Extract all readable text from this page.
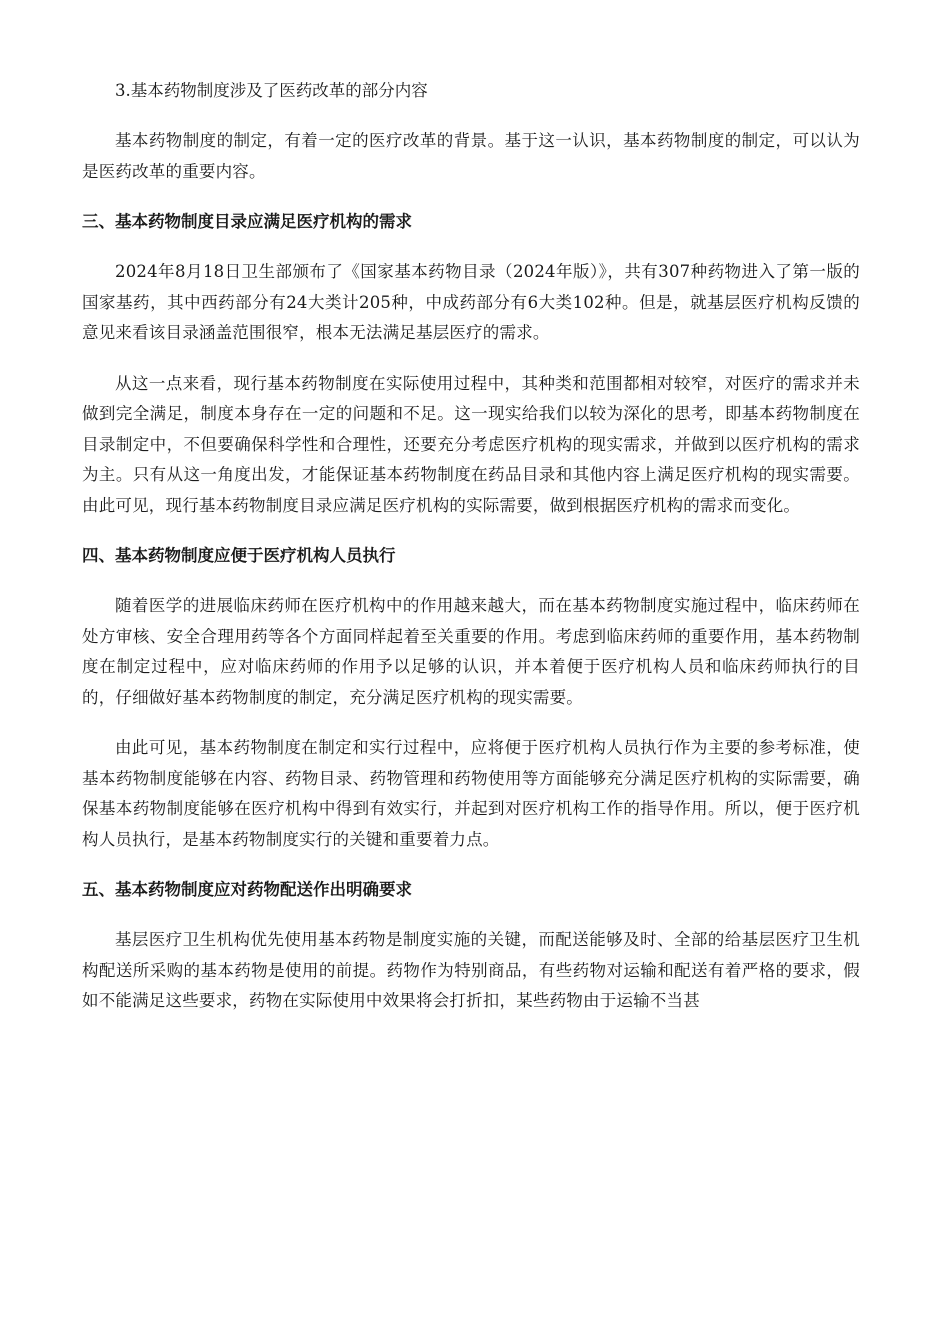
3.基本药物制度涉及了医药改革的部分内容

基本药物制度的制定，有着一定的医疗改革的背景。基于这一认识，基本药物制度的制定，可以认为是医药改革的重要内容。

三、基本药物制度目录应满足医疗机构的需求

2024年8月18日卫生部颁布了《国家基本药物目录（2024年版）》，共有307种药物进入了第一版的国家基药，其中西药部分有24大类计205种，中成药部分有6大类102种。但是，就基层医疗机构反馈的意见来看该目录涵盖范围很窄，根本无法满足基层医疗的需求。

从这一点来看，现行基本药物制度在实际使用过程中，其种类和范围都相对较窄，对医疗的需求并未做到完全满足，制度本身存在一定的问题和不足。这一现实给我们以较为深化的思考，即基本药物制度在目录制定中，不但要确保科学性和合理性，还要充分考虑医疗机构的现实需求，并做到以医疗机构的需求为主。只有从这一角度出发，才能保证基本药物制度在药品目录和其他内容上满足医疗机构的现实需要。由此可见，现行基本药物制度目录应满足医疗机构的实际需要，做到根据医疗机构的需求而变化。

四、基本药物制度应便于医疗机构人员执行

随着医学的进展临床药师在医疗机构中的作用越来越大，而在基本药物制度实施过程中，临床药师在处方审核、安全合理用药等各个方面同样起着至关重要的作用。考虑到临床药师的重要作用，基本药物制度在制定过程中，应对临床药师的作用予以足够的认识，并本着便于医疗机构人员和临床药师执行的目的，仔细做好基本药物制度的制定，充分满足医疗机构的现实需要。

由此可见，基本药物制度在制定和实行过程中，应将便于医疗机构人员执行作为主要的参考标准，使基本药物制度能够在内容、药物目录、药物管理和药物使用等方面能够充分满足医疗机构的实际需要，确保基本药物制度能够在医疗机构中得到有效实行，并起到对医疗机构工作的指导作用。所以，便于医疗机构人员执行，是基本药物制度实行的关键和重要着力点。

五、基本药物制度应对药物配送作出明确要求

基层医疗卫生机构优先使用基本药物是制度实施的关键，而配送能够及时、全部的给基层医疗卫生机构配送所采购的基本药物是使用的前提。药物作为特别商品，有些药物对运输和配送有着严格的要求，假如不能满足这些要求，药物在实际使用中效果将会打折扣，某些药物由于运输不当甚
